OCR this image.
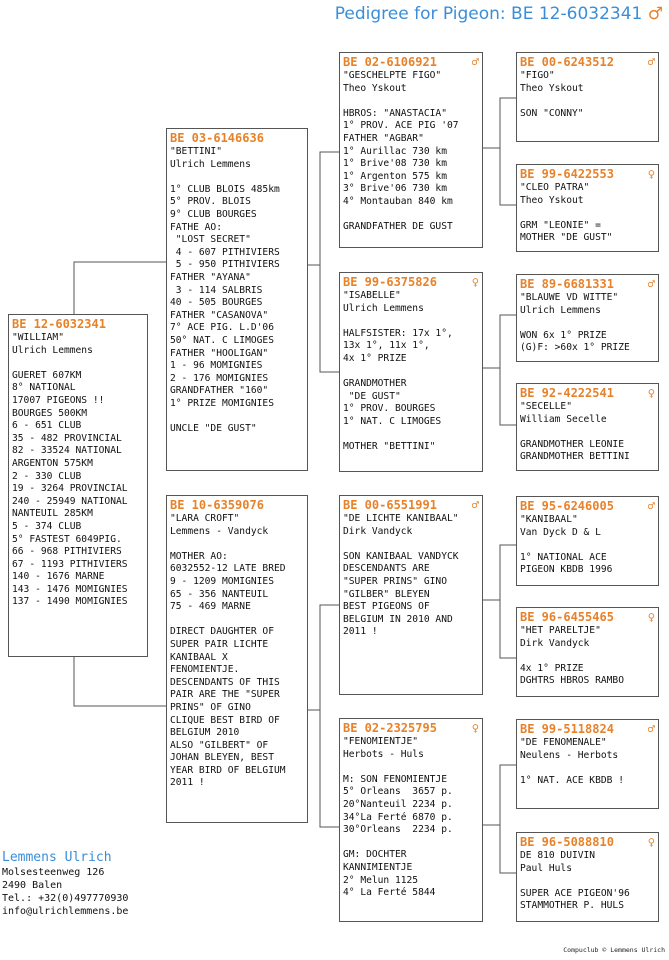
Pedigree for Pigeon: BE 12-6032341 ♂
BE 12-6032341
"WILLIAM"
Ulrich Lemmens

GUERET 607KM
8° NATIONAL
17007 PIGEONS !!
BOURGES 500KM
6 - 651 CLUB
35 - 482 PROVINCIAL
82 - 33524 NATIONAL
ARGENTON 575KM
2 - 330 CLUB
19 - 3264 PROVINCIAL
240 - 25949 NATIONAL
NANTEUIL 285KM
5 - 374 CLUB
5° FASTEST 6049PIG.
66 - 968 PITHIVIERS
67 - 1193 PITHIVIERS
140 - 1676 MARNE
143 - 1476 MOMIGNIES
137 - 1490 MOMIGNIES
BE 03-6146636
"BETTINI"
Ulrich Lemmens

1° CLUB BLOIS 485km
5° PROV. BLOIS
9° CLUB BOURGES
FATHE AO:
"LOST SECRET"
4 - 607 PITHIVIERS
5 - 950 PITHIVIERS
FATHER "AYANA"
3 - 114 SALBRIS
40 - 505 BOURGES
FATHER "CASANOVA"
7° ACE PIG. L.D'06
50° NAT. C LIMOGES
FATHER "HOOLIGAN"
1 - 96 MOMIGNIES
2 - 176 MOMIGNIES
GRANDFATHER "160"
1° PRIZE MOMIGNIES

UNCLE "DE GUST"
BE 10-6359076
"LARA CROFT"
Lemmens - Vandyck

MOTHER AO:
6032552-12 LATE BRED
9 - 1209 MOMIGNIES
65 - 356 NANTEUIL
75 - 469 MARNE

DIRECT DAUGHTER OF
SUPER PAIR LICHTE
KANIBAAL X
FENOMIENTJE.
DESCENDANTS OF THIS
PAIR ARE THE "SUPER
PRINS" OF GINO
CLIQUE BEST BIRD OF
BELGIUM 2010
ALSO "GILBERT" OF
JOHAN BLEYEN, BEST
YEAR BIRD OF BELGIUM
2011 !
BE 02-6106921	♂
"GESCHELPTE FIGO"
Theo Yskout

HBROS: "ANASTACIA"
1° PROV. ACE PIG '07
FATHER "AGBAR"
1° Aurillac 730 km
1° Brive'08 730 km
1° Argenton 575 km
3° Brive'06 730 km
4° Montauban 840 km

GRANDFATHER DE GUST
BE 99-6375826	♀
"ISABELLE"
Ulrich Lemmens

HALFSISTER: 17x 1°,
13x 1°, 11x 1°,
4x 1° PRIZE

GRANDMOTHER
"DE GUST"
1° PROV. BOURGES
1° NAT. C LIMOGES

MOTHER "BETTINI"
BE 00-6551991	♂
"DE LICHTE KANIBAAL"
Dirk Vandyck

SON KANIBAAL VANDYCK
DESCENDANTS ARE
"SUPER PRINS" GINO
"GILBER" BLEYEN
BEST PIGEONS OF
BELGIUM IN 2010 AND
2011 !
BE 02-2325795	♀
"FENOMIENTJE"
Herbots - Huls

M: SON FENOMIENTJE
5° Orleans  3657 p.
20°Nanteuil 2234 p.
34°La Ferté 6870 p.
30°Orleans  2234 p.

GM: DOCHTER
KANNIMIENTJE
2° Melun 1125
4° La Ferté 5844
BE 00-6243512	♂
"FIGO"
Theo Yskout

SON "CONNY"
BE 99-6422553	♀
"CLEO PATRA"
Theo Yskout

GRM "LEONIE" =
MOTHER "DE GUST"
BE 89-6681331	♂
"BLAUWE VD WITTE"
Ulrich Lemmens

WON 6x 1° PRIZE
(G)F: >60x 1° PRIZE
BE 92-4222541	♀
"SECELLE"
William Secelle

GRANDMOTHER LEONIE
GRANDMOTHER BETTINI
BE 95-6246005	♂
"KANIBAAL"
Van Dyck D & L

1° NATIONAL ACE
PIGEON KBDB 1996
BE 96-6455465	♀
"HET PARELTJE"
Dirk Vandyck

4x 1° PRIZE
DGHTRS HBROS RAMBO
BE 99-5118824	♂
"DE FENOMENALE"
Neulens - Herbots

1° NAT. ACE KBDB !
BE 96-5088810	♀
DE 810 DUIVIN
Paul Huls

SUPER ACE PIGEON'96
STAMMOTHER P. HULS
Lemmens Ulrich
Molsesteenweg 126
2490 Balen
Tel.: +32(0)497770930
info@ulrichlemmens.be
Compuclub © Lemmens Ulrich
